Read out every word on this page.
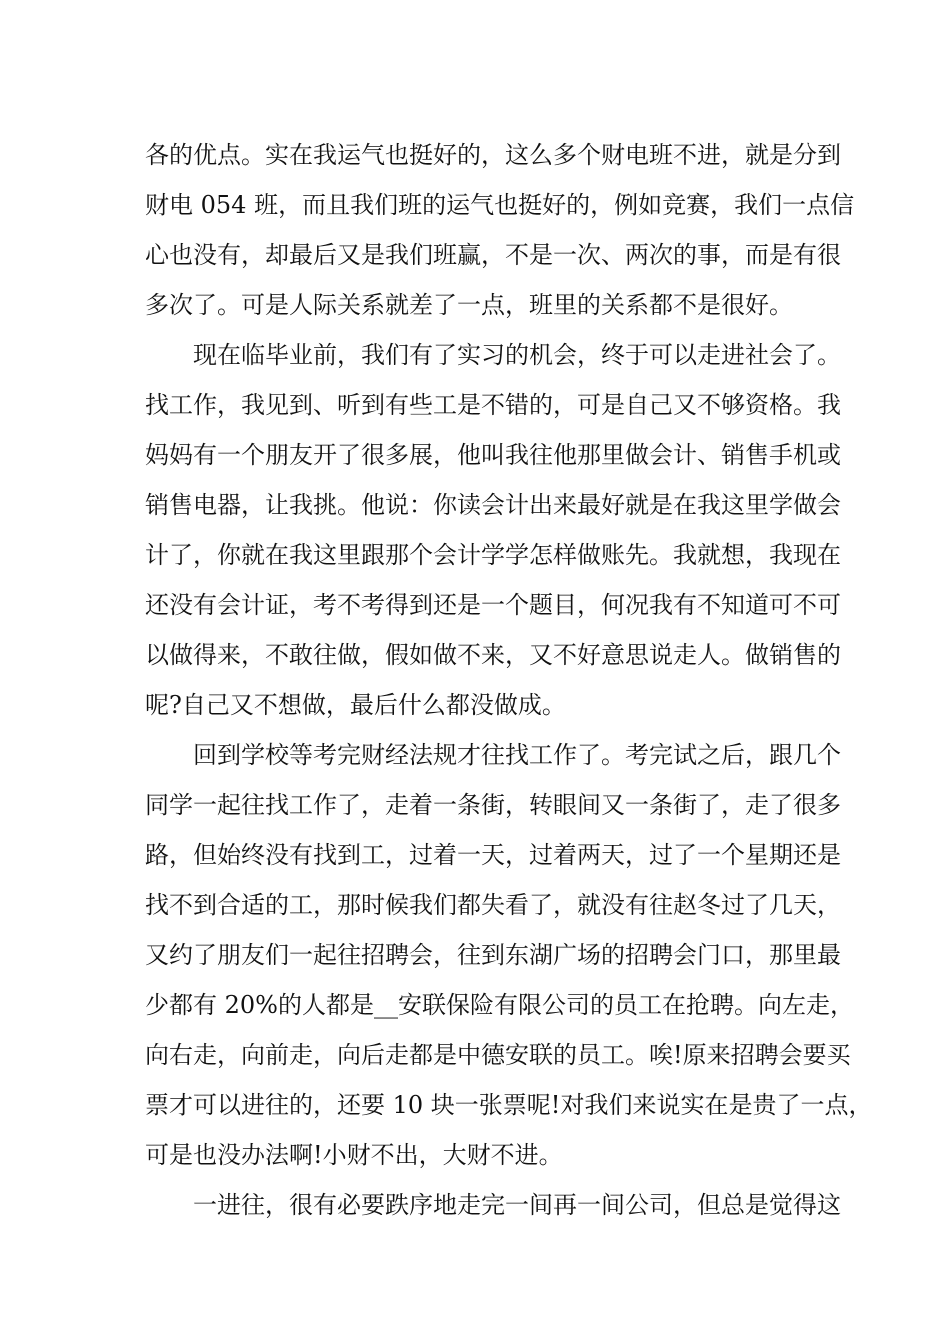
各的优点。实在我运气也挺好的，这么多个财电班不进，就是分到
财电 054 班，而且我们班的运气也挺好的，例如竞赛，我们一点信
心也没有，却最后又是我们班赢，不是一次、两次的事，而是有很
多次了。可是人际关系就差了一点，班里的关系都不是很好。
现在临毕业前，我们有了实习的机会，终于可以走进社会了。
找工作，我见到、听到有些工是不错的，可是自己又不够资格。我
妈妈有一个朋友开了很多展，他叫我往他那里做会计、销售手机或
销售电器，让我挑。他说：你读会计出来最好就是在我这里学做会
计了，你就在我这里跟那个会计学学怎样做账先。我就想，我现在
还没有会计证，考不考得到还是一个题目，何况我有不知道可不可
以做得来，不敢往做，假如做不来，又不好意思说走人。做销售的
呢?自己又不想做，最后什么都没做成。
回到学校等考完财经法规才往找工作了。考完试之后，跟几个
同学一起往找工作了，走着一条街，转眼间又一条街了，走了很多
路，但始终没有找到工，过着一天，过着两天，过了一个星期还是
找不到合适的工，那时候我们都失看了，就没有往赵冬过了几天，
又约了朋友们一起往招聘会，往到东湖广场的招聘会门口，那里最
少都有 20%的人都是__安联保险有限公司的员工在抢聘。向左走，
向右走，向前走，向后走都是中德安联的员工。唉!原来招聘会要买
票才可以进往的，还要 10 块一张票呢!对我们来说实在是贵了一点，
可是也没办法啊!小财不出，大财不进。
一进往，很有必要跌序地走完一间再一间公司，但总是觉得这
